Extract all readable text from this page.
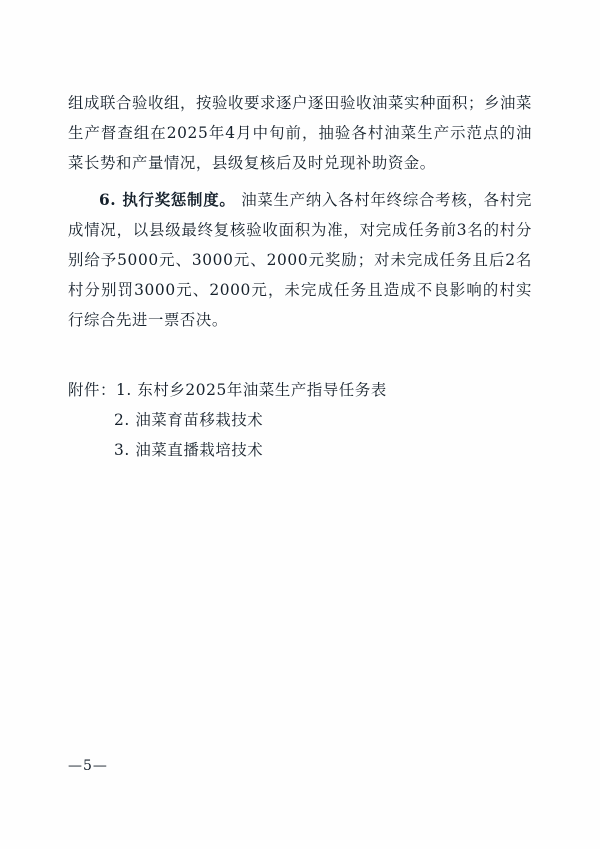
组成联合验收组，按验收要求逐户逐田验收油菜实种面积；乡油菜生产督查组在2025年4月中旬前，抽验各村油菜生产示范点的油菜长势和产量情况，县级复核后及时兑现补助资金。

6. 执行奖惩制度。 油菜生产纳入各村年终综合考核，各村完成情况，以县级最终复核验收面积为准，对完成任务前3名的村分别给予5000元、3000元、2000元奖励；对未完成任务且后2名村分别罚3000元、2000元，未完成任务且造成不良影响的村实行综合先进一票否决。

附件：1. 东村乡2025年油菜生产指导任务表

2. 油菜育苗移栽技术

3. 油菜直播栽培技术

—5—
